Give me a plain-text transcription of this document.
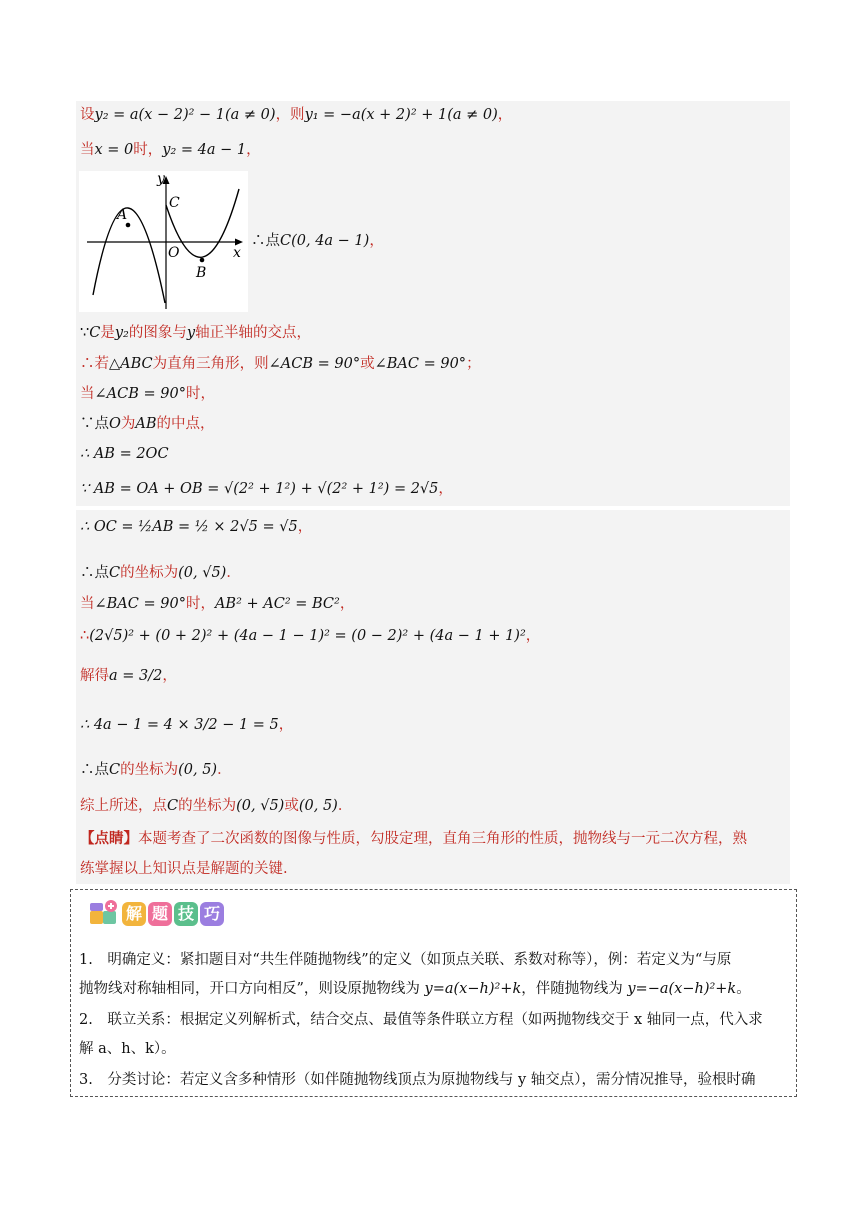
设y₂ = a(x − 2)² − 1(a ≠ 0)，则y₁ = −a(x + 2)² + 1(a ≠ 0)，
当x = 0时，y₂ = 4a − 1，
y
x
A
B
C
O
∴点C(0, 4a − 1)，
∵C是y₂的图象与y轴正半轴的交点，
∴若△ABC为直角三角形，则∠ACB = 90°或∠BAC = 90°；
当∠ACB = 90°时，
∵点O为AB的中点，
∴ AB = 2OC
∵ AB = OA + OB = √(2² + 1²) + √(2² + 1²) = 2√5，
∴ OC = ½AB = ½ × 2√5 = √5，
∴点C的坐标为(0, √5)．
当∠BAC = 90°时，AB² + AC² = BC²，
∴(2√5)² + (0 + 2)² + (4a − 1 − 1)² = (0 − 2)² + (4a − 1 + 1)²，
解得a = 3/2，
∴ 4a − 1 = 4 × 3/2 − 1 = 5，
∴点C的坐标为(0, 5)．
综上所述，点C的坐标为(0, √5)或(0, 5)．
【点睛】本题考查了二次函数的图像与性质，勾股定理，直角三角形的性质，抛物线与一元二次方程，熟
练掌握以上知识点是解题的关键.
解 题 技 巧
1.　明确定义：紧扣题目对“共生伴随抛物线”的定义（如顶点关联、系数对称等），例：若定义为“与原
抛物线对称轴相同，开口方向相反”，则设原抛物线为 y=a(x−h)²+k，伴随抛物线为 y=−a(x−h)²+k。
2.　联立关系：根据定义列解析式，结合交点、最值等条件联立方程（如两抛物线交于 x 轴同一点，代入求
解 a、h、k）。
3.　分类讨论：若定义含多种情形（如伴随抛物线顶点为原抛物线与 y 轴交点），需分情况推导，验根时确
